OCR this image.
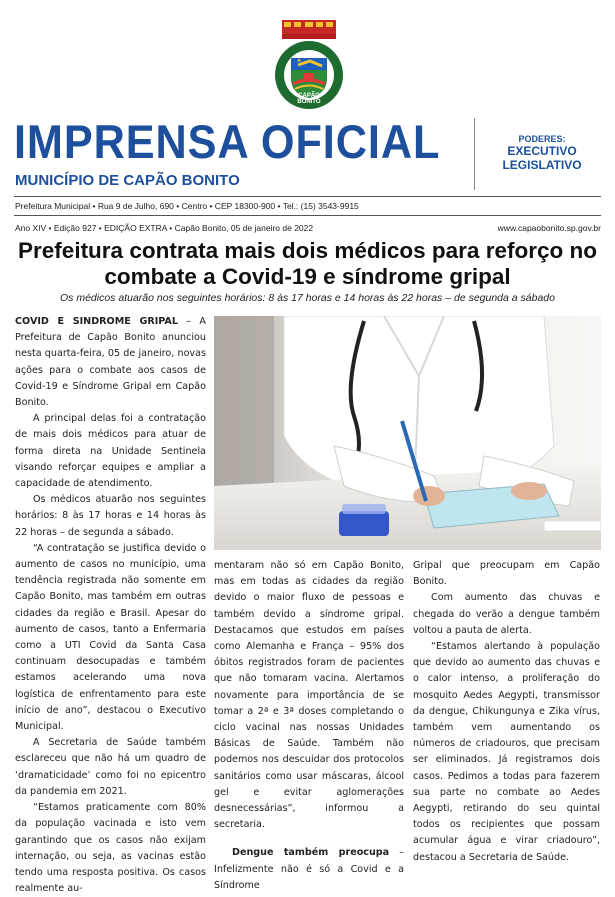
CAPÃO BONITO
IMPRENSA OFICIAL
MUNICÍPIO DE CAPÃO BONITO
PODERES:
EXECUTIVO
LEGISLATIVO
Prefeitura Municipal • Rua 9 de Julho, 690 • Centro • CEP 18300-900 • Tel.: (15) 3543-9915
Ano XIV • Edição 927 • EDIÇÃO EXTRA • Capão Bonito, 05 de janeiro de 2022	www.capaobonito.sp.gov.br
Prefeitura contrata mais dois médicos para reforço no combate a Covid-19 e síndrome gripal
Os médicos atuarão nos seguintes horários: 8 às 17 horas e 14 horas às 22 horas – de segunda a sábado

COVID E SINDROME GRIPAL – A Prefeitura de Capão Bonito anunciou nesta quarta-feira, 05 de janeiro, novas ações para o combate aos casos de Covid-19 e Síndrome Gripal em Capão Bonito.

A principal delas foi a contratação de mais dois médicos para atuar de forma direta na Unidade Sentinela visando reforçar equipes e ampliar a capacidade de atendimento.

Os médicos atuarão nos seguintes horários: 8 às 17 horas e 14 horas às 22 horas – de segunda a sábado.

“A contratação se justifica devido o aumento de casos no município, uma tendência registrada não somente em Capão Bonito, mas também em outras cidades da região e Brasil. Apesar do aumento de casos, tanto a Enfermaria como a UTI Covid da Santa Casa continuam desocupadas e também estamos acelerando uma nova logística de enfrentamento para este início de ano”, destacou o Executivo Municipal.

A Secretaria de Saúde também esclareceu que não há um quadro de ‘dramaticidade’ como foi no epicentro da pandemia em 2021.

“Estamos praticamente com 80% da população vacinada e isto vem garantindo que os casos não exijam internação, ou seja, as vacinas estão tendo uma resposta positiva. Os casos realmente au-

mentaram não só em Capão Bonito, mas em todas as cidades da região devido o maior fluxo de pessoas e também devido a síndrome gripal. Destacamos que estudos em países como Alemanha e França – 95% dos óbitos registrados foram de pacientes que não tomaram vacina. Alertamos novamente para importância de se tomar a 2ª e 3ª doses completando o ciclo vacinal nas nossas Unidades Básicas de Saúde. Também não podemos nos descuidar dos protocolos sanitários como usar máscaras, álcool gel e evitar aglomerações desnecessárias”, informou a secretaria.

Dengue também preocupa – Infelizmente não é só a Covid e a Síndrome

Gripal que preocupam em Capão Bonito.

Com aumento das chuvas e chegada do verão a dengue também voltou a pauta de alerta.

“Estamos alertando à população que devido ao aumento das chuvas e o calor intenso, a proliferação do mosquito Aedes Aegypti, transmissor da dengue, Chikungunya e Zika vírus, também vem aumentando os números de criadouros, que precisam ser eliminados. Já registramos dois casos. Pedimos a todas para fazerem sua parte no combate ao Aedes Aegypti, retirando do seu quintal todos os recipientes que possam acumular água e virar criadouro”, destacou a Secretaria de Saúde.
